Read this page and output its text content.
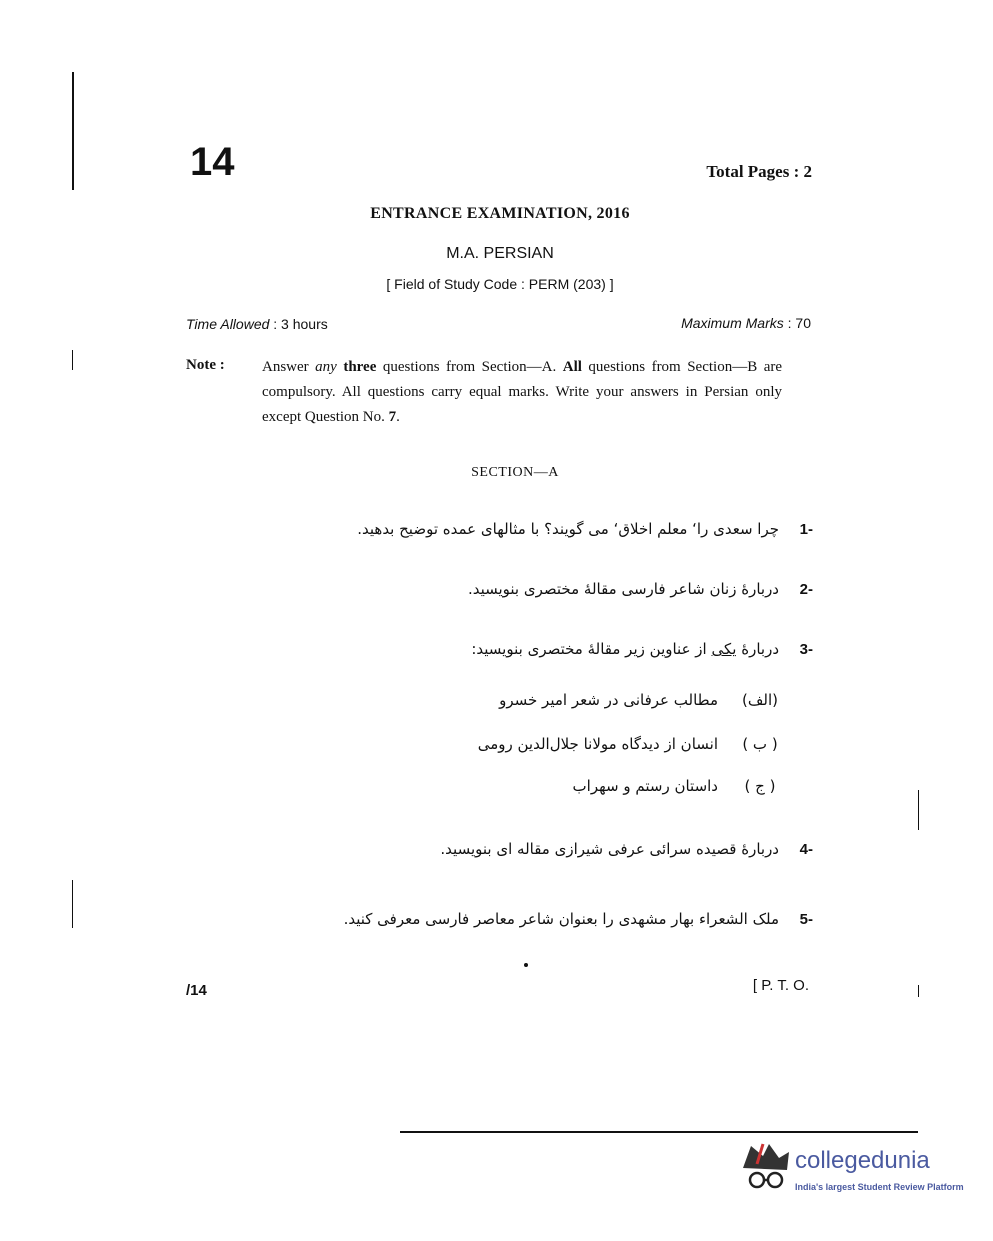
14	Total Pages : 2
ENTRANCE EXAMINATION, 2016
M.A. PERSIAN
[ Field of Study Code : PERM (203) ]
Time Allowed : 3 hours	Maximum Marks : 70
Note : Answer any three questions from Section—A. All questions from Section—B are compulsory. All questions carry equal marks. Write your answers in Persian only except Question No. 7.
SECTION—A
-1چرا سعدی را‘ معلم اخلاق‘ می گویند؟ با مثالهای عمده توضیح بدهید.
-2دربارهٔ زنان شاعر فارسی مقالهٔ مختصری بنویسید.
-3دربارهٔ یکی از عناوین زیر مقالهٔ مختصری بنویسید:
(الف)مطالب عرفانی در شعر امیر خسرو
( ب )انسان از دیدگاه مولانا جلال‌الدین رومی
( ج )داستان رستم و سهراب
-4دربارهٔ قصیده سرائی عرفی شیرازی مقاله ای بنویسید.
-5ملک الشعراء بهار مشهدی را بعنوان شاعر معاصر فارسی معرفی کنید.
/14	[ P. T. O.
collegedunia
India's largest Student Review Platform
